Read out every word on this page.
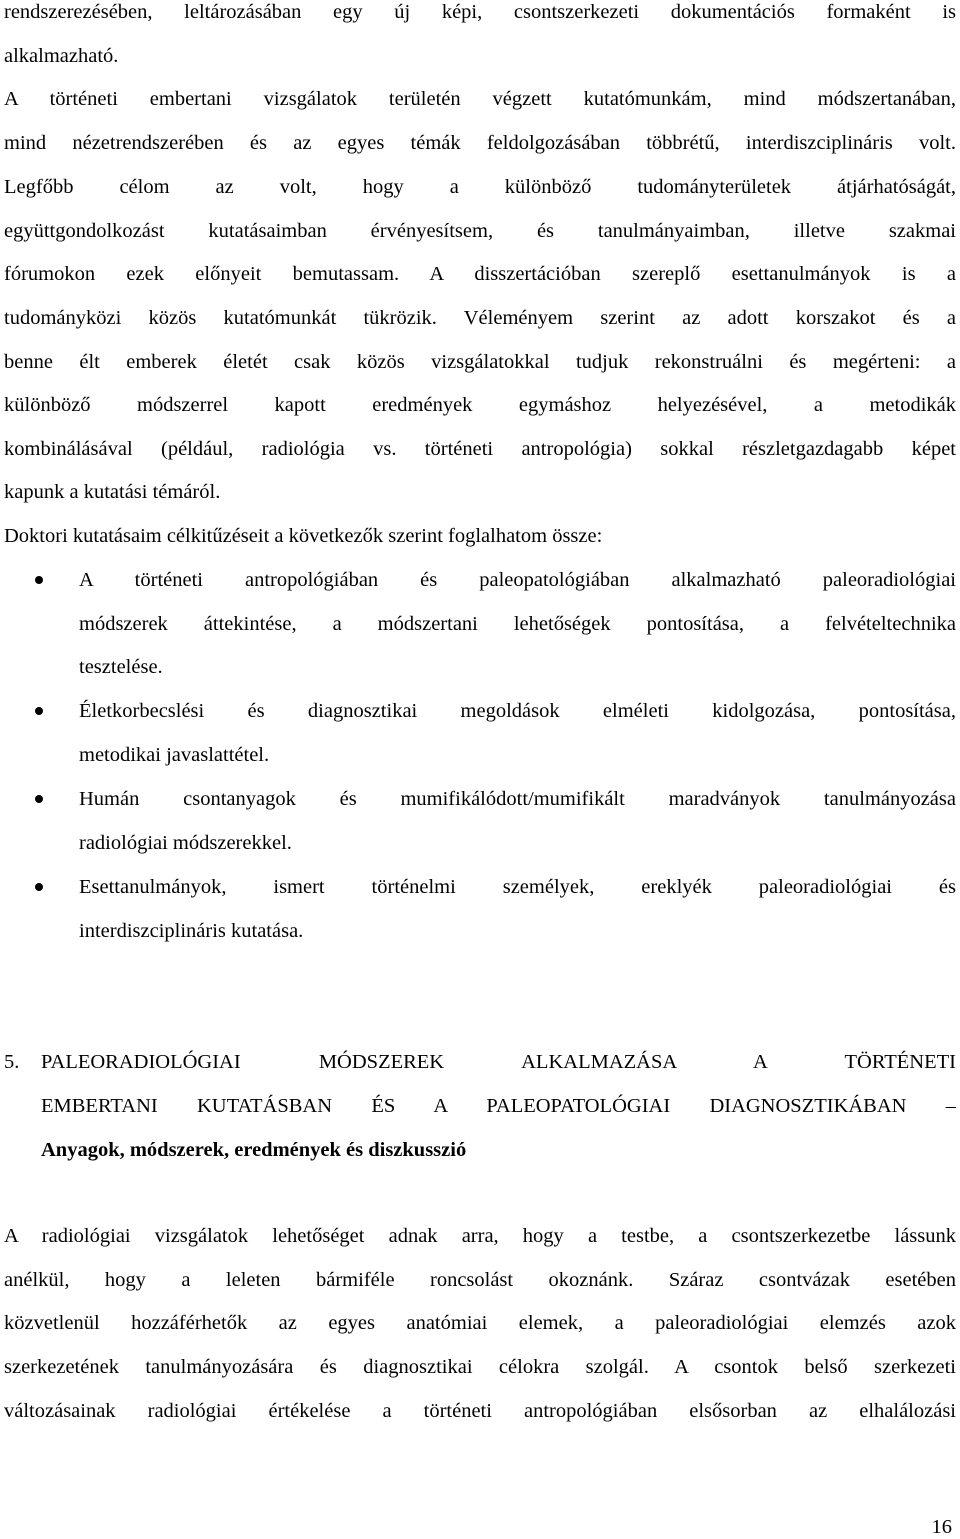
rendszerezésében, leltározásában egy új képi, csontszerkezeti dokumentációs formaként is
alkalmazható.
A történeti embertani vizsgálatok területén végzett kutatómunkám, mind módszertanában,
mind nézetrendszerében és az egyes témák feldolgozásában többrétű, interdiszciplináris volt.
Legfőbb célom az volt, hogy a különböző tudományterületek átjárhatóságát,
együttgondolkozást kutatásaimban érvényesítsem, és tanulmányaimban, illetve szakmai
fórumokon ezek előnyeit bemutassam. A disszertációban szereplő esettanulmányok is a
tudományközi közös kutatómunkát tükrözik. Véleményem szerint az adott korszakot és a
benne élt emberek életét csak közös vizsgálatokkal tudjuk rekonstruálni és megérteni: a
különböző módszerrel kapott eredmények egymáshoz helyezésével, a metodikák
kombinálásával (például, radiológia vs. történeti antropológia) sokkal részletgazdagabb képet
kapunk a kutatási témáról.
Doktori kutatásaim célkitűzéseit a következők szerint foglalhatom össze:
A történeti antropológiában és paleopatológiában alkalmazható paleoradiológiai
módszerek áttekintése, a módszertani lehetőségek pontosítása, a felvételtechnika
tesztelése.
Életkorbecslési és diagnosztikai megoldások elméleti kidolgozása, pontosítása,
metodikai javaslattétel.
Humán csontanyagok és mumifikálódott/mumifikált maradványok tanulmányozása
radiológiai módszerekkel.
Esettanulmányok, ismert történelmi személyek, ereklyék paleoradiológiai és
interdiszciplináris kutatása.
5. PALEORADIOLÓGIAI MÓDSZEREK ALKALMAZÁSA A TÖRTÉNETI
EMBERTANI KUTATÁSBAN ÉS A PALEOPATOLÓGIAI DIAGNOSZTIKÁBAN –
Anyagok, módszerek, eredmények és diszkusszió
A radiológiai vizsgálatok lehetőséget adnak arra, hogy a testbe, a csontszerkezetbe lássunk
anélkül, hogy a leleten bármiféle roncsolást okoznánk. Száraz csontvázak esetében
közvetlenül hozzáférhetők az egyes anatómiai elemek, a paleoradiológiai elemzés azok
szerkezetének tanulmányozására és diagnosztikai célokra szolgál. A csontok belső szerkezeti
változásainak radiológiai értékelése a történeti antropológiában elsősorban az elhalálozási
16
